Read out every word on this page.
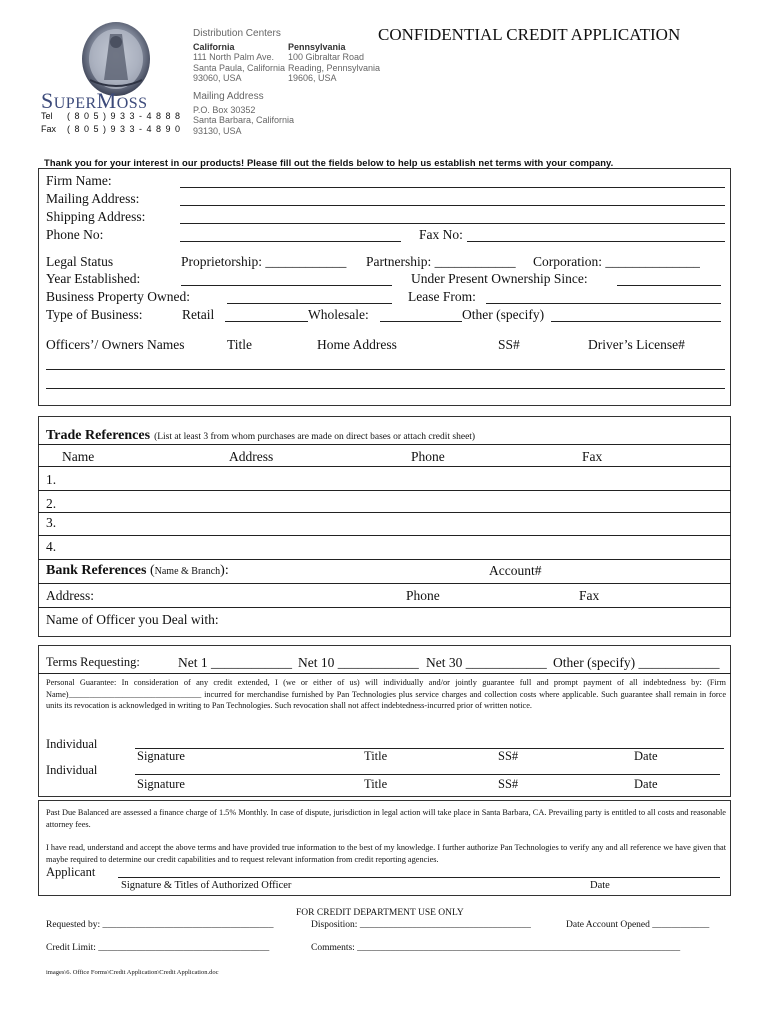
SUPERMOSS
Tel ( 8 0 5 ) 9 3 3 - 4 8 8 8
Fax ( 8 0 5 ) 9 3 3 - 4 8 9 0
Distribution Centers
California
111 North Palm Ave.
Santa Paula, California
93060, USA
Pennsylvania
100 Gibraltar Road
Reading, Pennsylvania
19606, USA
Mailing Address
P.O. Box 30352
Santa Barbara, California
93130, USA
CONFIDENTIAL CREDIT APPLICATION
Thank you for your interest in our products! Please fill out the fields below to help us establish net terms with your company.
Firm Name:
Mailing Address:
Shipping Address:
Phone No:	Fax No:
Legal Status	Proprietorship: ____________ Partnership: ____________ Corporation: ______________
Year Established:	Under Present Ownership Since:
Business Property Owned:	Lease From:
Type of Business:	Retail	Wholesale:	Other (specify)
Officers’/ Owners Names	Title	Home Address	SS#	Driver’s License#
Trade References (List at least 3 from whom purchases are made on direct bases or attach credit sheet)
Name	Address	Phone	Fax
1.
2.
3.
4.
Bank References (Name & Branch):	Account#
Address:	Phone	Fax
Name of Officer you Deal with:
Terms Requesting:	Net 1 ____________ Net 10 ____________ Net 30 ____________ Other (specify) ____________
Personal Guarantee: In consideration of any credit extended, I (we or either of us) will individually and/or jointly guarantee full and prompt payment of all indebtedness by: (Firm Name)________________________________ incurred for merchandise furnished by Pan Technologies plus service charges and collection costs where applicable. Such guarantee shall remain in force units its revocation is acknowledged in writing to Pan Technologies. Such revocation shall not affect indebtedness-incurred prior of written notice.
Individual
Signature	Title	SS#	Date
Individual
Signature	Title	SS#	Date
Past Due Balanced are assessed a finance charge of 1.5% Monthly. In case of dispute, jurisdiction in legal action will take place in Santa Barbara, CA. Prevailing party is entitled to all costs and reasonable attorney fees.
I have read, understand and accept the above terms and have provided true information to the best of my knowledge. I further authorize Pan Technologies to verify any and all reference we have given that maybe required to determine our credit capabilities and to request relevant information from credit reporting agencies.
Applicant
Signature & Titles of Authorized Officer	Date
FOR CREDIT DEPARTMENT USE ONLY
Requested by: ____________________________________	Disposition: ____________________________________	Date Account Opened ____________
Credit Limit: ____________________________________	Comments: ____________________________________________________________________
images\6. Office Forms\Credit Application\Credit Application.doc
